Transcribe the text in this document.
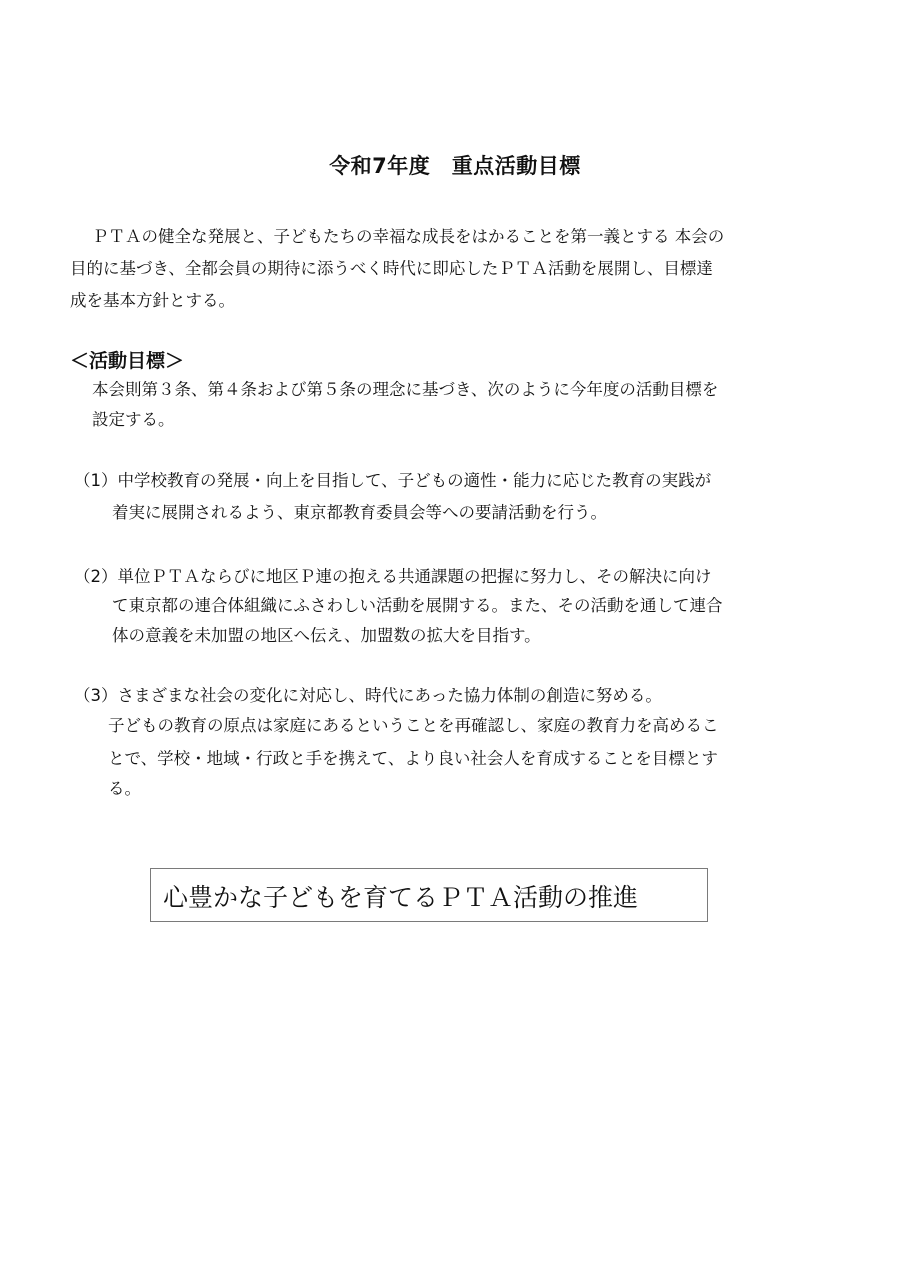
令和7年度　重点活動目標
ＰＴＡの健全な発展と、子どもたちの幸福な成長をはかることを第一義とする 本会の
目的に基づき、全都会員の期待に添うべく時代に即応したＰＴＡ活動を展開し、目標達
成を基本方針とする。
＜活動目標＞
本会則第３条、第４条および第５条の理念に基づき、次のように今年度の活動目標を
設定する。
（1）中学校教育の発展・向上を目指して、子どもの適性・能力に応じた教育の実践が
着実に展開されるよう、東京都教育委員会等への要請活動を行う。
（2）単位ＰＴＡならびに地区Ｐ連の抱える共通課題の把握に努力し、その解決に向け
て東京都の連合体組織にふさわしい活動を展開する。また、その活動を通して連合
体の意義を未加盟の地区へ伝え、加盟数の拡大を目指す。
（3）さまざまな社会の変化に対応し、時代にあった協力体制の創造に努める。
子どもの教育の原点は家庭にあるということを再確認し、家庭の教育力を高めるこ
とで、学校・地域・行政と手を携えて、より良い社会人を育成することを目標とす
る。
心豊かな子どもを育てるＰＴＡ活動の推進
